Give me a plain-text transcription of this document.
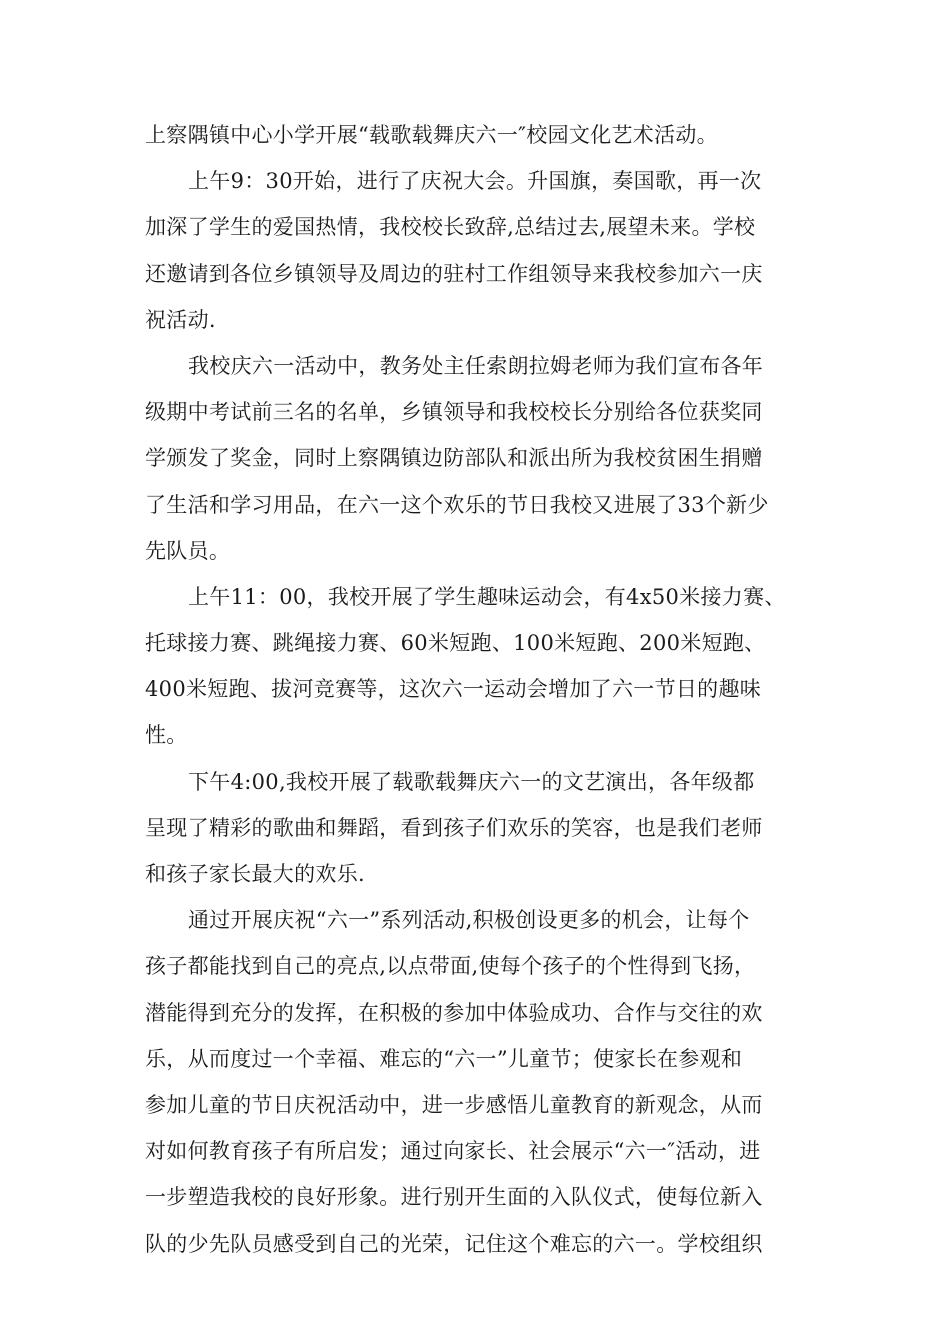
上察隅镇中心小学开展“载歌载舞庆六一″校园文化艺术活动。
上午9：30开始，进行了庆祝大会。升国旗，奏国歌，再一次
加深了学生的爱国热情，我校校长致辞,总结过去,展望未来。学校
还邀请到各位乡镇领导及周边的驻村工作组领导来我校参加六一庆
祝活动.
我校庆六一活动中，教务处主任索朗拉姆老师为我们宣布各年
级期中考试前三名的名单，乡镇领导和我校校长分别给各位获奖同
学颁发了奖金，同时上察隅镇边防部队和派出所为我校贫困生捐赠
了生活和学习用品，在六一这个欢乐的节日我校又进展了33个新少
先队员。
上午11：00，我校开展了学生趣味运动会，有4x50米接力赛、
托球接力赛、跳绳接力赛、60米短跑、100米短跑、200米短跑、
400米短跑、拔河竞赛等，这次六一运动会增加了六一节日的趣味
性。
下午4:00,我校开展了载歌载舞庆六一的文艺演出，各年级都
呈现了精彩的歌曲和舞蹈，看到孩子们欢乐的笑容，也是我们老师
和孩子家长最大的欢乐.
通过开展庆祝“六一”系列活动,积极创设更多的机会，让每个
孩子都能找到自己的亮点,以点带面,使每个孩子的个性得到飞扬，
潜能得到充分的发挥，在积极的参加中体验成功、合作与交往的欢
乐，从而度过一个幸福、难忘的“六一”儿童节；使家长在参观和
参加儿童的节日庆祝活动中，进一步感悟儿童教育的新观念，从而
对如何教育孩子有所启发；通过向家长、社会展示“六一″活动，进
一步塑造我校的良好形象。进行别开生面的入队仪式，使每位新入
队的少先队员感受到自己的光荣，记住这个难忘的六一。学校组织
